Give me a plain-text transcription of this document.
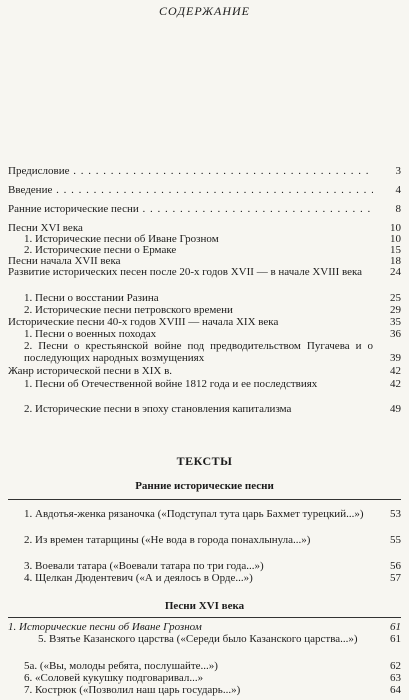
СОДЕРЖАНИЕ
Предисловие . . .	3
Введение . . .	4
Ранние исторические песни . . .	8
Песни XVI века	10
1. Исторические песни об Иване Грозном	10
2. Исторические песни о Ермаке	15
Песни начала XVII века	18
Развитие исторических песен после 20-х годов XVII — в начале XVIII века	24
1. Песни о восстании Разина	25
2. Исторические песни петровского времени	29
Исторические песни 40-х годов XVIII — начала XIX века	35
1. Песни о военных походах	36
2. Песни о крестьянской войне под предводительством Пугачева и о последующих народных возмущениях	39
Жанр исторической песни в XIX в.	42
1. Песни об Отечественной войне 1812 года и ее последствиях	42
2. Исторические песни в эпоху становления капитализма	49
ТЕКСТЫ
Ранние исторические песни
1. Авдотья-женка рязаночка («Подступал тута царь Бахмет турецкий...»)	53
2. Из времен татарщины («Не вода в города понахлынула...»)	55
3. Воевали татара («Воевали татара по три года...»)	56
4. Щелкан Дюдентевич («А и деялось в Орде...»)	57
Песни XVI века
1. Исторические песни об Иване Грозном	61
5. Взятье Казанского царства («Середи было Казанского царства...»)	61
5а. («Вы, молоды ребята, послушайте...»)	62
6. «Соловей кукушку подговаривал...»	63
7. Кострюк («Позволил наш царь государь...»)	64
